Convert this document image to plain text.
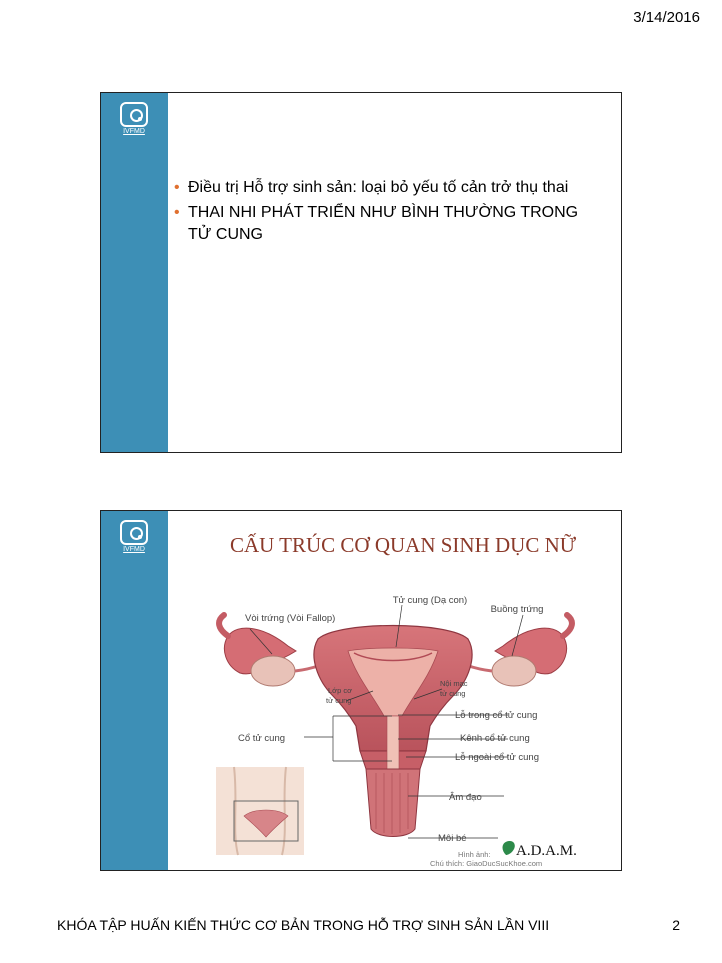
3/14/2016
IVFMD
• Điều trị Hỗ trợ sinh sản: loại bỏ yếu tố cản trở thụ thai
• THAI NHI PHÁT TRIỂN NHƯ BÌNH THƯỜNG TRONG TỬ CUNG
IVFMD	CẤU TRÚC CƠ QUAN SINH DỤC NỮ
Tử cung (Dạ con)
Vòi trứng (Vòi Fallop)
Buồng trứng
Lớp cơ
tử cung
Nội mạc
tử cung
Lỗ trong cổ tử cung
Cổ tử cung	Kênh cổ tử cung
Lỗ ngoài cổ tử cung
Âm đạo
Môi bé
A.D.A.M.
Hình ảnh:
Chú thích: GiaoDucSucKhoe.com
KHÓA TẬP HUẤN KIẾN THỨC CƠ BẢN TRONG HỖ TRỢ SINH SẢN LẦN VIII	2
